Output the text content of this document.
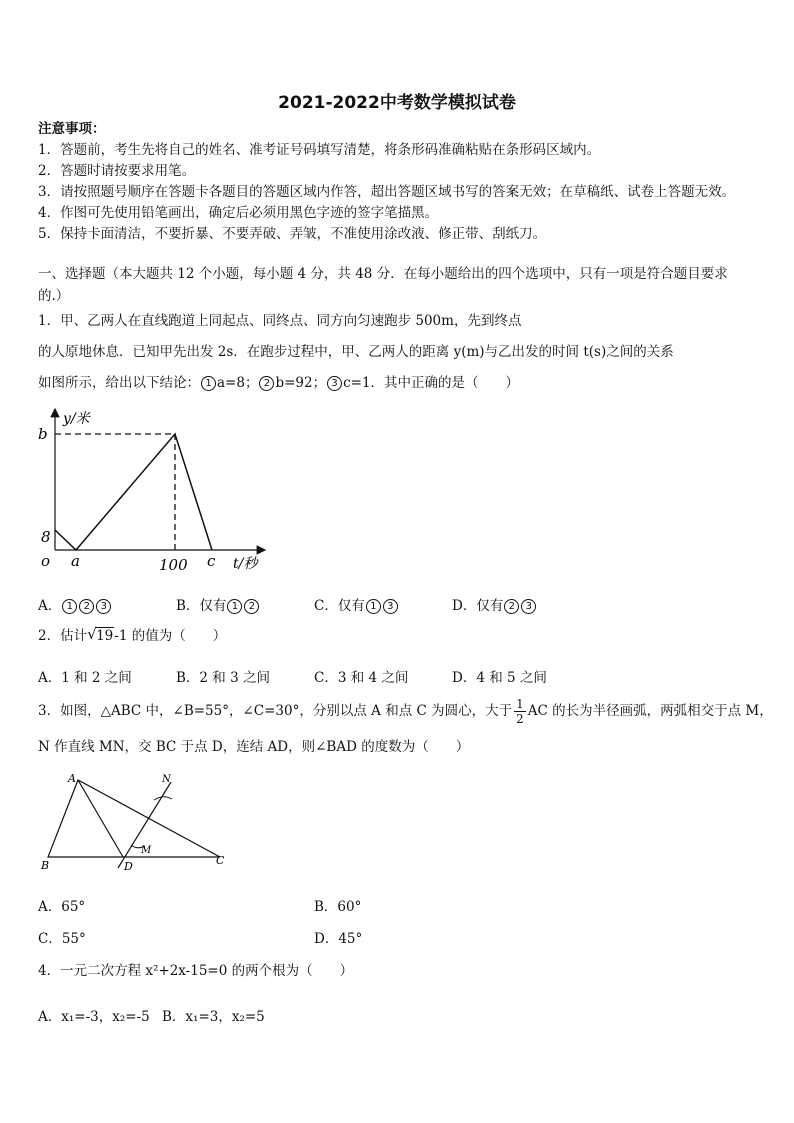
2021-2022中考数学模拟试卷
注意事项：
1．答题前，考生先将自己的姓名、准考证号码填写清楚，将条形码准确粘贴在条形码区域内。
2．答题时请按要求用笔。
3．请按照题号顺序在答题卡各题目的答题区域内作答，超出答题区域书写的答案无效；在草稿纸、试卷上答题无效。
4．作图可先使用铅笔画出，确定后必须用黑色字迹的签字笔描黑。
5．保持卡面清洁，不要折暴、不要弄破、弄皱，不准使用涂改液、修正带、刮纸刀。
一、选择题（本大题共 12 个小题，每小题 4 分，共 48 分．在每小题给出的四个选项中，只有一项是符合题目要求
的.）
1．甲、乙两人在直线跑道上同起点、同终点、同方向匀速跑步 500m，先到终点
的人原地休息．已知甲先出发 2s．在跑步过程中，甲、乙两人的距离 y(m)与乙出发的时间 t(s)之间的关系
如图所示，给出以下结论： 1 a=8； 2 b=92； 3 c=1．其中正确的是（　　）
y/米
b
8
o a	100 c t/秒
A． 1 2 3	B．仅有 1 2	C．仅有 1 3	D．仅有 2 3
2．估计 √ 19-1 的值为（　　）
A．1 和 2 之间	B．2 和 3 之间	C．3 和 4 之间	D．4 和 5 之间
3．如图，△ABC 中，∠B=55°，∠C=30°，分别以点 A 和点 C 为圆心，大于 $\frac{1}{2}$ AC 的长为半径画弧，两弧相交于点 M，
N 作直线 MN，交 BC 于点 D，连结 AD，则∠BAD 的度数为（　　）
A
B	D	C
M
N
A．65°	B．60°
C．55°	D．45°
4．一元二次方程 x²+2x-15=0 的两个根为（　　）
A．x₁=-3，x₂=-5 B．x₁=3，x₂=5
